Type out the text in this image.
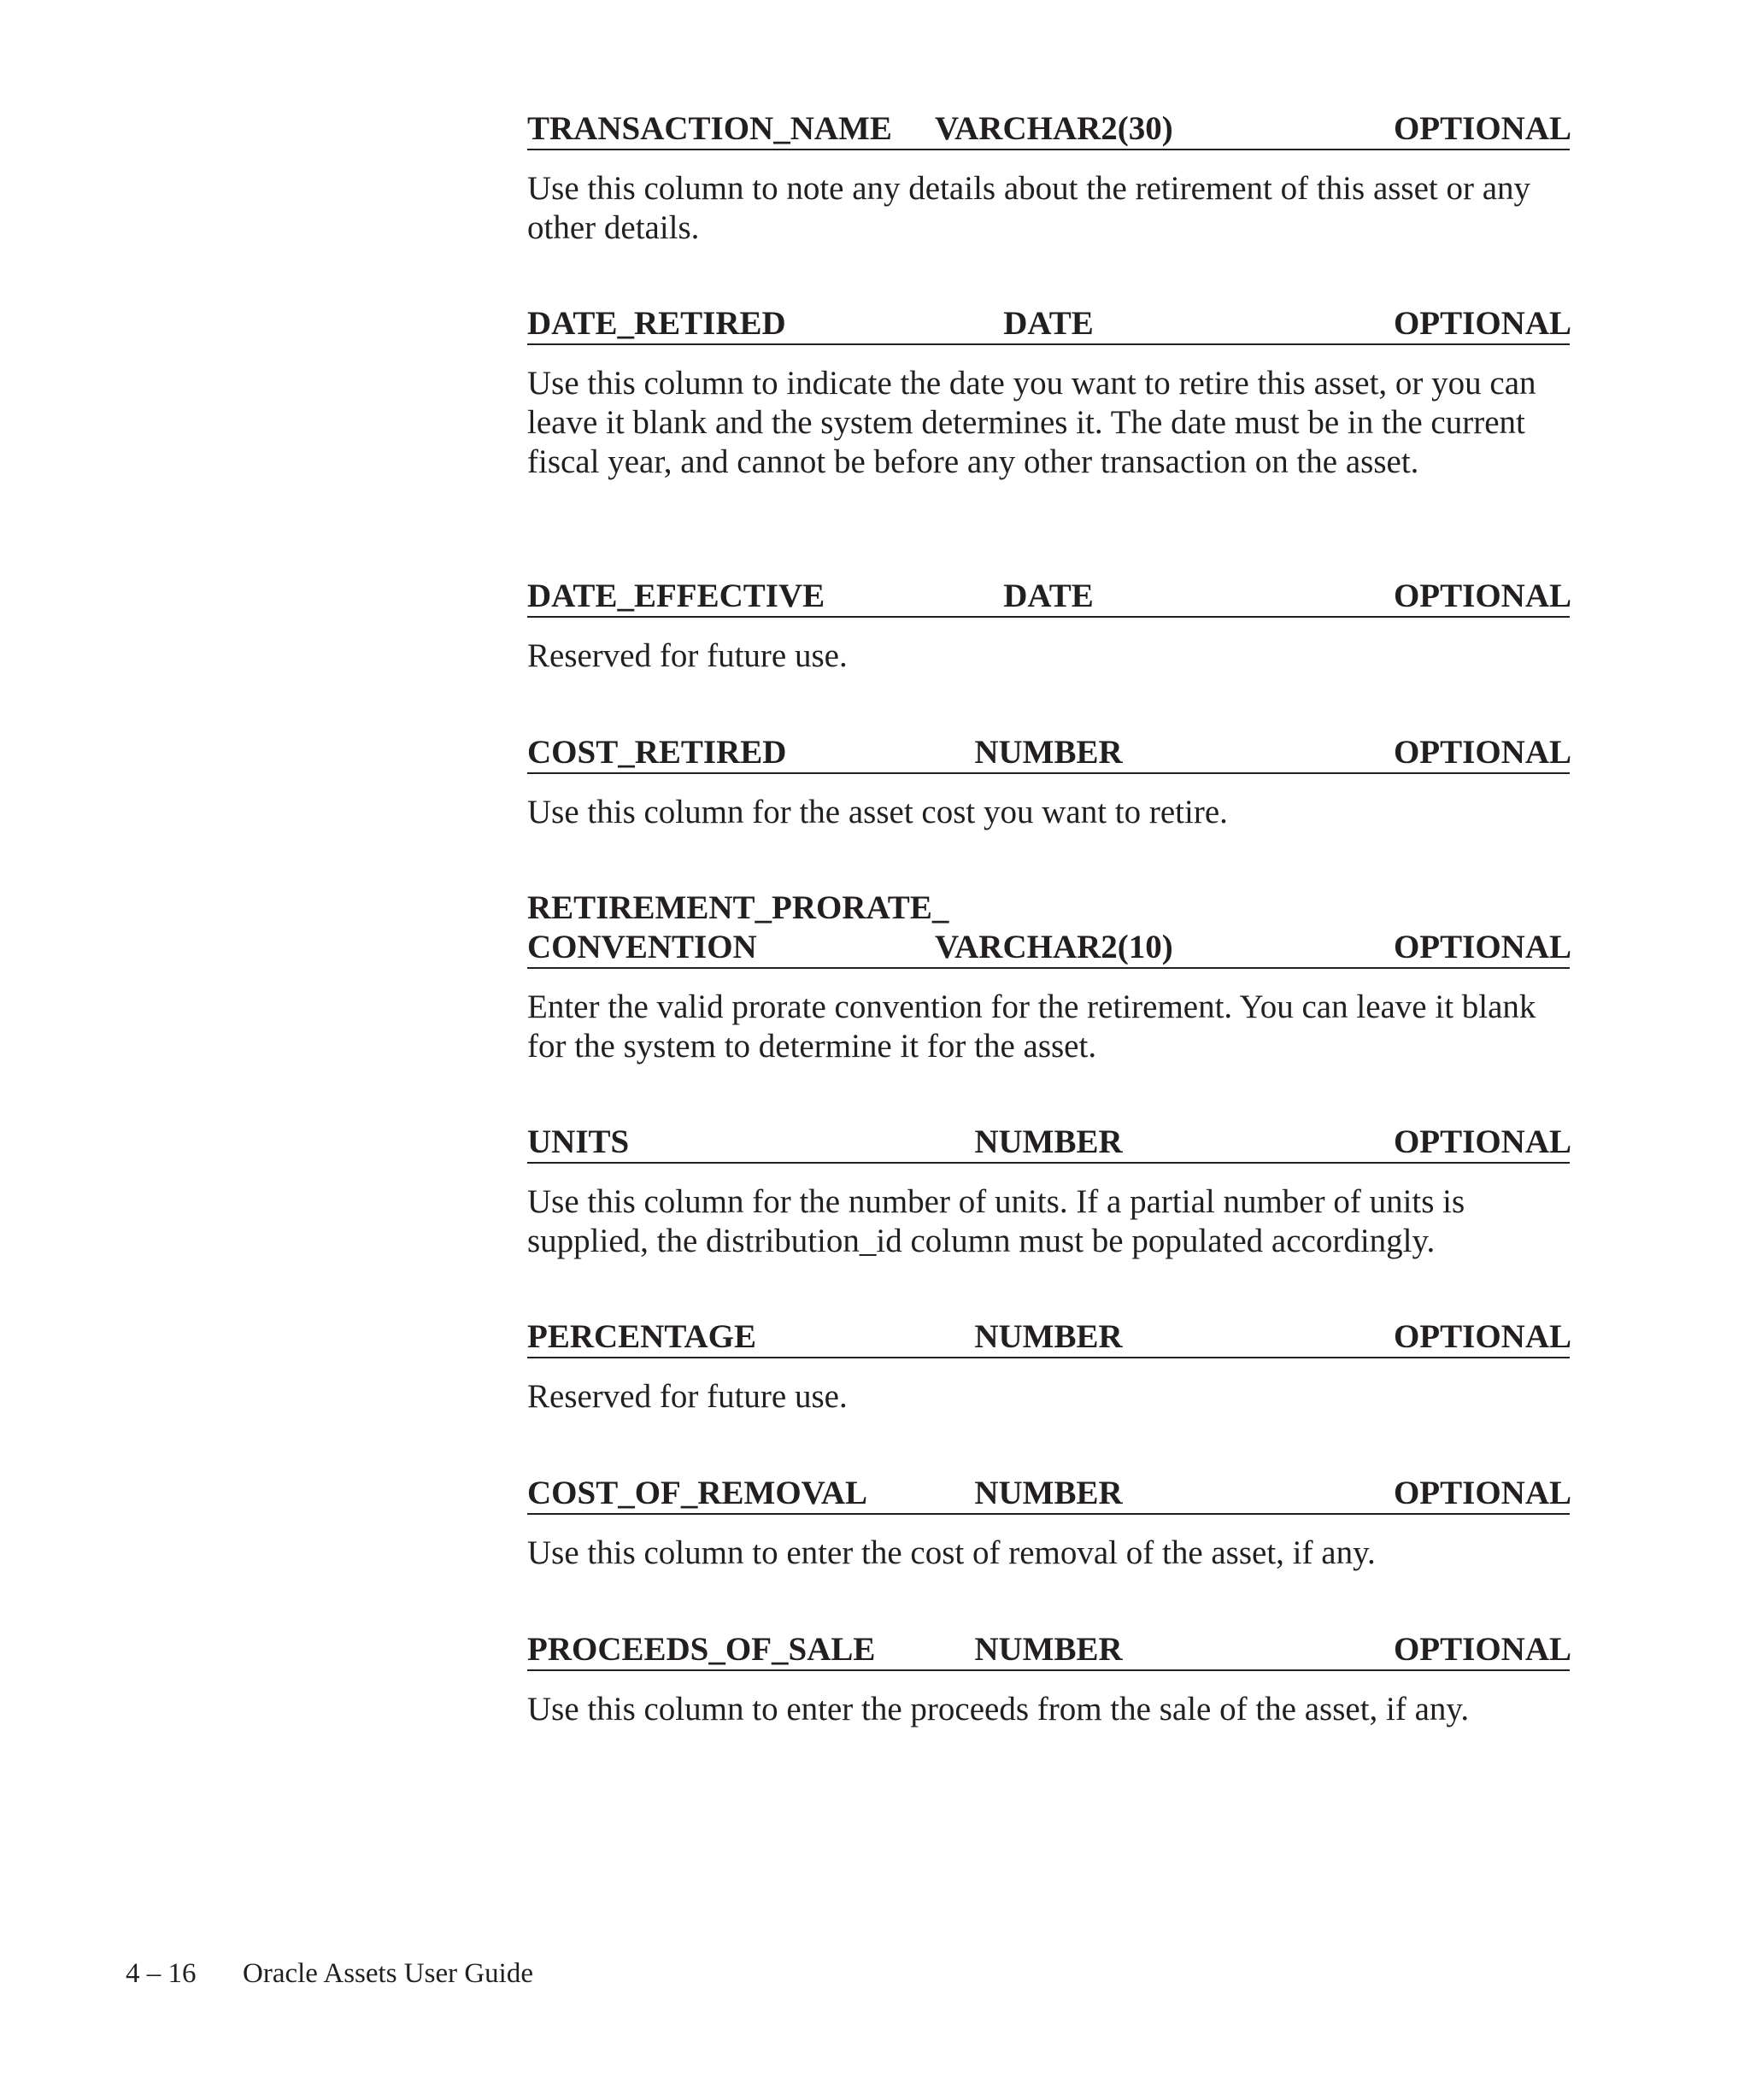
TRANSACTION_NAME VARCHAR2(30)	OPTIONAL

Use this column to note any details about the retirement of this asset or any other details.

DATE_RETIRED	DATE	OPTIONAL

Use this column to indicate the date you want to retire this asset, or you can leave it blank and the system determines it. The date must be in the current fiscal year, and cannot be before any other transaction on the asset.

DATE_EFFECTIVE	DATE	OPTIONAL

Reserved for future use.

COST_RETIRED	NUMBER	OPTIONAL

Use this column for the asset cost you want to retire.

RETIREMENT_PRORATE_
CONVENTION	VARCHAR2(10)	OPTIONAL

Enter the valid prorate convention for the retirement. You can leave it blank for the system to determine it for the asset.

UNITS	NUMBER	OPTIONAL

Use this column for the number of units. If a partial number of units is supplied, the distribution_id column must be populated accordingly.

PERCENTAGE	NUMBER	OPTIONAL

Reserved for future use.

COST_OF_REMOVAL	NUMBER	OPTIONAL

Use this column to enter the cost of removal of the asset, if any.

PROCEEDS_OF_SALE	NUMBER	OPTIONAL

Use this column to enter the proceeds from the sale of the asset, if any.

4 – 16 Oracle Assets User Guide
